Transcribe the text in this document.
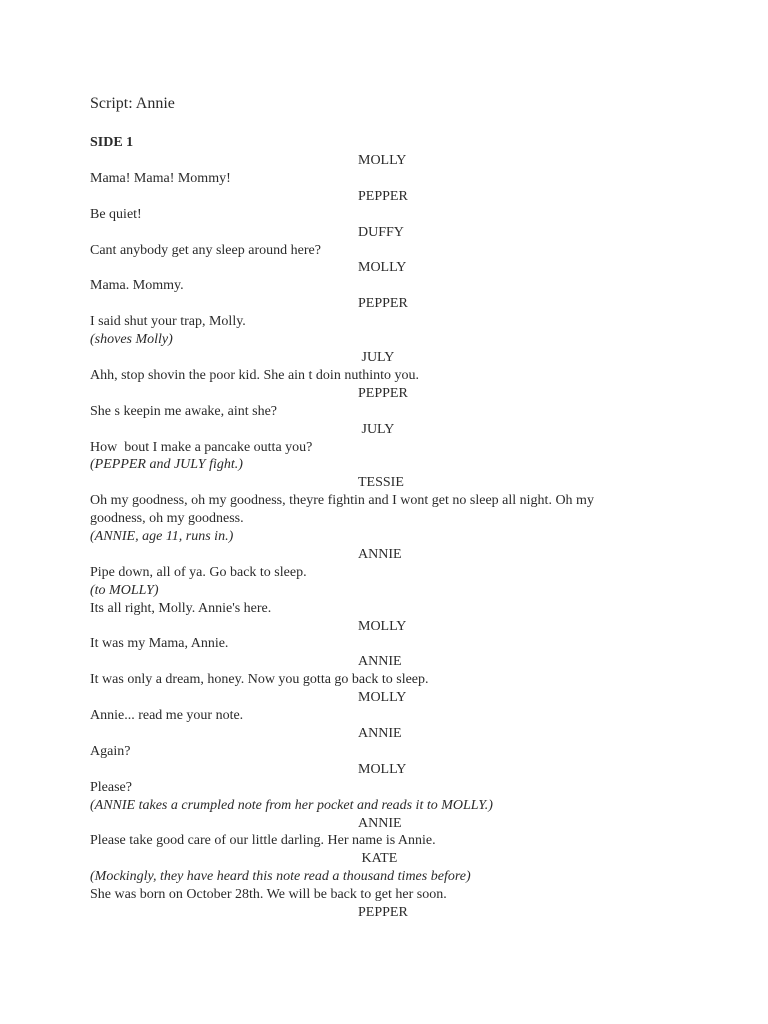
Script: Annie
SIDE 1

MOLLY

Mama! Mama! Mommy!

PEPPER

Be quiet!

DUFFY

Cant anybody get any sleep around here?

MOLLY

Mama. Mommy.

PEPPER

I said shut your trap, Molly.

(shoves Molly)

JULY

Ahh, stop shovin the poor kid. She ain t doin nuthinto you.

PEPPER

She s keepin me awake, aint she?

JULY

How  bout I make a pancake outta you?

(PEPPER and JULY fight.)

TESSIE

Oh my goodness, oh my goodness, theyre fightin and I wont get no sleep all night. Oh my goodness, oh my goodness.

(ANNIE, age 11, runs in.)

ANNIE

Pipe down, all of ya. Go back to sleep.

(to MOLLY)

Its all right, Molly. Annie's here.

MOLLY

It was my Mama, Annie.

ANNIE

It was only a dream, honey. Now you gotta go back to sleep.

MOLLY

Annie... read me your note.

ANNIE

Again?

MOLLY

Please?

(ANNIE takes a crumpled note from her pocket and reads it to MOLLY.)

ANNIE

Please take good care of our little darling. Her name is Annie.

KATE

(Mockingly, they have heard this note read a thousand times before)

She was born on October 28th. We will be back to get her soon.

PEPPER
